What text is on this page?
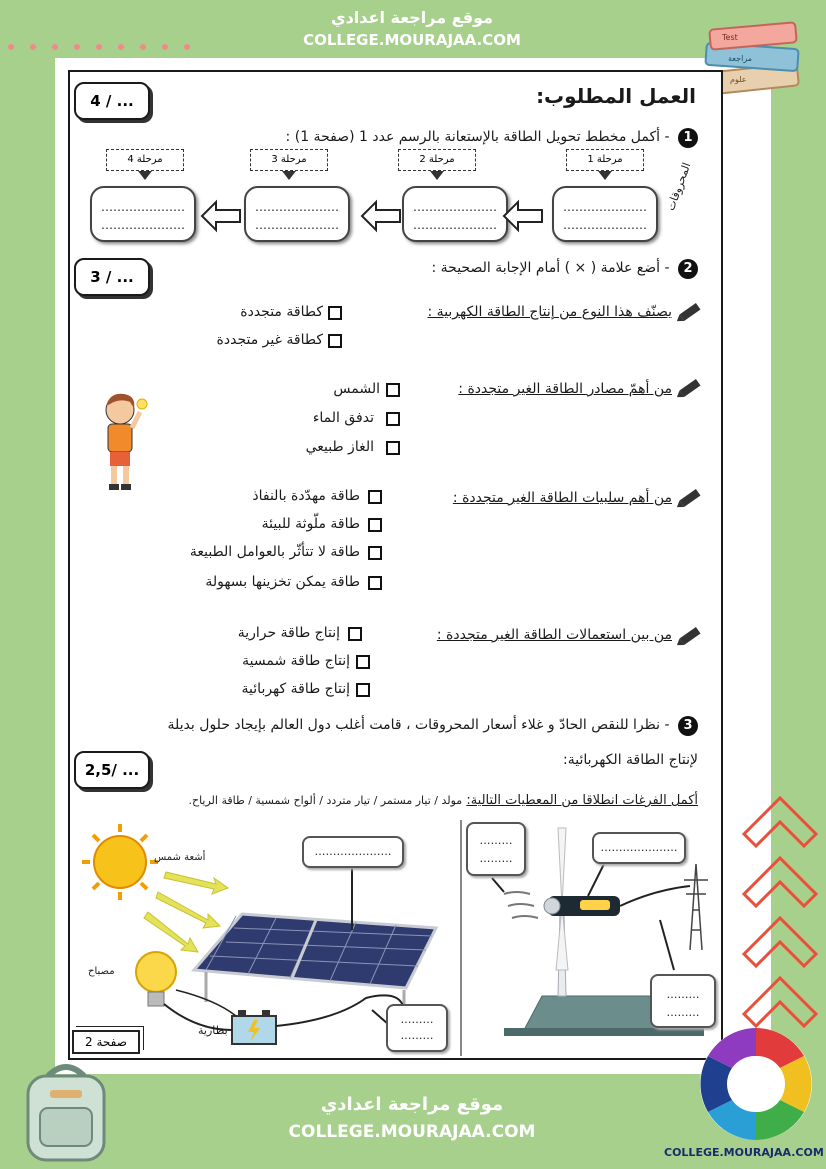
موقع مراجعة اعدادي
COLLEGE.MOURAJAA.COM	Test
مراجعة
علوم
العمل المطلوب:
4 / ...
3 / ...
2,5/ ...
1 - أكمل مخطط تحويل الطاقة بالإستعانة بالرسم عدد 1 (صفحة 1) :
مرحلة 1
مرحلة 2
مرحلة 3
مرحلة 4
…………………
…………………
…………………
…………………
…………………
…………………
…………………
…………………
المحروقات
2 - أضع علامة ( × ) أمام الإجابة الصحيحة :
يصنّف هذا النوع من إنتاج الطاقة الكهربية :
كطاقة متجددة
كطاقة غير متجددة
من أهمّ مصادر الطاقة الغير متجددة :
الشمس
تدفق الماء
الغاز طبيعي
من أهم سلبيات الطاقة الغير متجددة :
طاقة مهدّدة بالنفاذ
طاقة ملّوثة للبيئة
طاقة لا تتأثّر بالعوامل الطبيعة
طاقة يمكن تخزينها بسهولة
من بين استعمالات الطاقة الغير متجددة :
إنتاج طاقة حرارية
إنتاج طاقة شمسية
إنتاج طاقة كهربائية
3 - نظرا للنقص الحادّ و غلاء أسعار المحروقات ، قامت أغلب دول العالم بإيجاد حلول بديلة
لإنتاج الطاقة الكهربائية:
أكمل الفرغات انطلاقا من المعطيات التالية: مولد / تيار مستمر / تيار متردد / ألواح شمسية / طاقة الرياح.
أشعة شمس
مصباح
بطارية
…………………
………
………
………
………
…………………
………
………
صفحة 2
موقع مراجعة اعدادي
COLLEGE.MOURAJAA.COM
COLLEGE.MOURAJAA.COM
